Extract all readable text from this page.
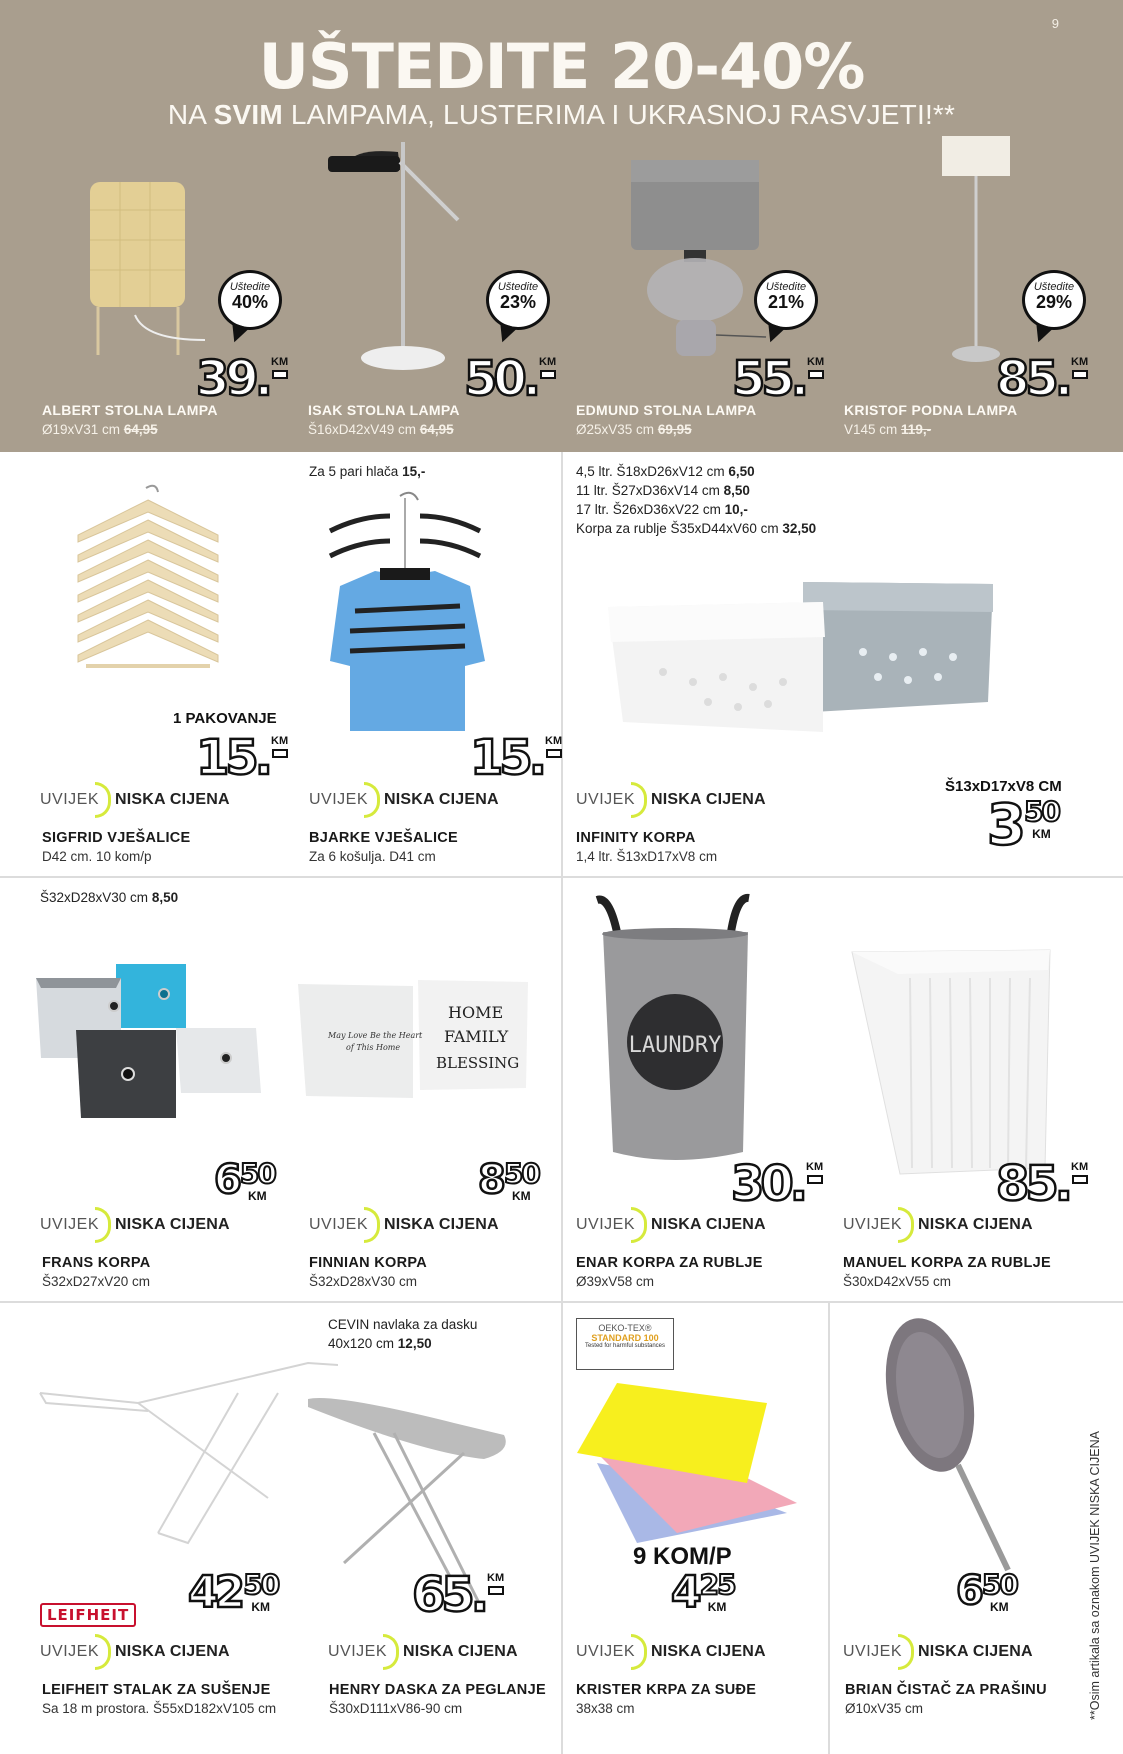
9
UŠTEDITE 20-40%
NA SVIM LAMPAMA, LUSTERIMA I UKRASNOJ RASVJETI!**
Uštedite
40%
39. KM
ALBERT STOLNA LAMPA
Ø19xV31 cm 64,95
Uštedite
23%
50. KM
ISAK STOLNA LAMPA
Š16xD42xV49 cm 64,95
Uštedite
21%
55. KM
EDMUND STOLNA LAMPA
Ø25xV35 cm 69,95
Uštedite
29%
85. KM
KRISTOF PODNA LAMPA
V145 cm 119,-
1 PAKOVANJE
15. KM
UVIJEK NISKA CIJENA
SIGFRID VJEŠALICE
D42 cm. 10 kom/p
Za 5 pari hlača 15,-
15. KM
UVIJEK NISKA CIJENA
BJARKE VJEŠALICE
Za 6 košulja. D41 cm
4,5 ltr. Š18xD26xV12 cm 6,50
11 ltr. Š27xD36xV14 cm 8,50
17 ltr. Š26xD36xV22 cm 10,-
Korpa za rublje Š35xD44xV60 cm 32,50
Š13xD17xV8 CM
3 50
KM
UVIJEK NISKA CIJENA
INFINITY KORPA
1,4 ltr. Š13xD17xV8 cm
Š32xD28xV30 cm 8,50
6 50
KM
UVIJEK NISKA CIJENA
FRANS KORPA
Š32xD27xV20 cm
May Love Be the Heart
of This Home
HOME
FAMILY
BLESSING
8 50
KM
UVIJEK NISKA CIJENA
FINNIAN KORPA
Š32xD28xV30 cm
LAUNDRY
30. KM
UVIJEK NISKA CIJENA
ENAR KORPA ZA RUBLJE
Ø39xV58 cm
85. KM
UVIJEK NISKA CIJENA
MANUEL KORPA ZA RUBLJE
Š30xD42xV55 cm
LEIFHEIT 42 50
KM
UVIJEK NISKA CIJENA
LEIFHEIT STALAK ZA SUŠENJE
Sa 18 m prostora. Š55xD182xV105 cm
CEVIN navlaka za dasku
40x120 cm 12,50
65. KM
UVIJEK NISKA CIJENA
HENRY DASKA ZA PEGLANJE
Š30xD111xV86-90 cm
OEKO-TEX®
STANDARD 100
Tested for harmful substances
9 KOM/P
4 25
KM
UVIJEK NISKA CIJENA
KRISTER KRPA ZA SUĐE
38x38 cm
6 50
KM
UVIJEK NISKA CIJENA
BRIAN ČISTAČ ZA PRAŠINU
Ø10xV35 cm	**Osim artikala sa oznakom UVIJEK NISKA CIJENA
